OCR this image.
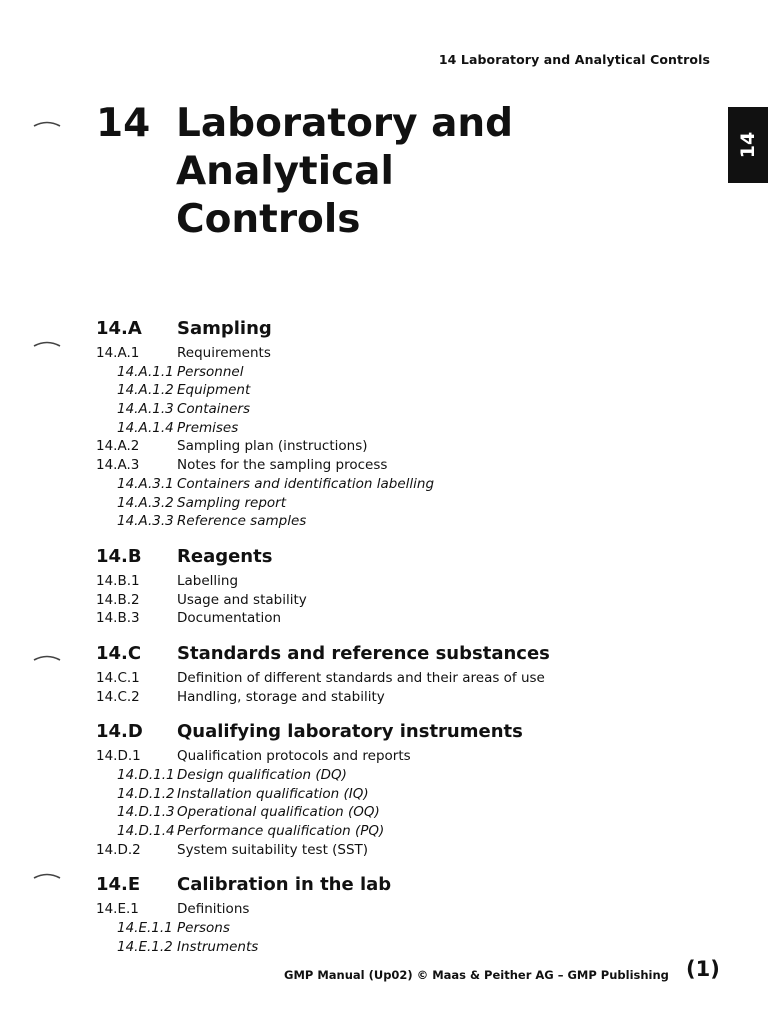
14 Laboratory and Analytical Controls
14
14 Laboratory and
Analytical
Controls
14.A	Sampling
14.A.1	Requirements
14.A.1.1 Personnel
14.A.1.2 Equipment
14.A.1.3 Containers
14.A.1.4 Premises
14.A.2	Sampling plan (instructions)
14.A.3	Notes for the sampling process
14.A.3.1 Containers and identification labelling
14.A.3.2 Sampling report
14.A.3.3 Reference samples
14.B	Reagents
14.B.1	Labelling
14.B.2	Usage and stability
14.B.3	Documentation
14.C	Standards and reference substances
14.C.1	Definition of different standards and their areas of use
14.C.2	Handling, storage and stability
14.D	Qualifying laboratory instruments
14.D.1	Qualification protocols and reports
14.D.1.1 Design qualification (DQ)
14.D.1.2 Installation qualification (IQ)
14.D.1.3 Operational qualification (OQ)
14.D.1.4 Performance qualification (PQ)
14.D.2	System suitability test (SST)
14.E	Calibration in the lab
14.E.1	Definitions
14.E.1.1 Persons
14.E.1.2 Instruments
GMP Manual (Up02) © Maas & Peither AG – GMP Publishing (1)
